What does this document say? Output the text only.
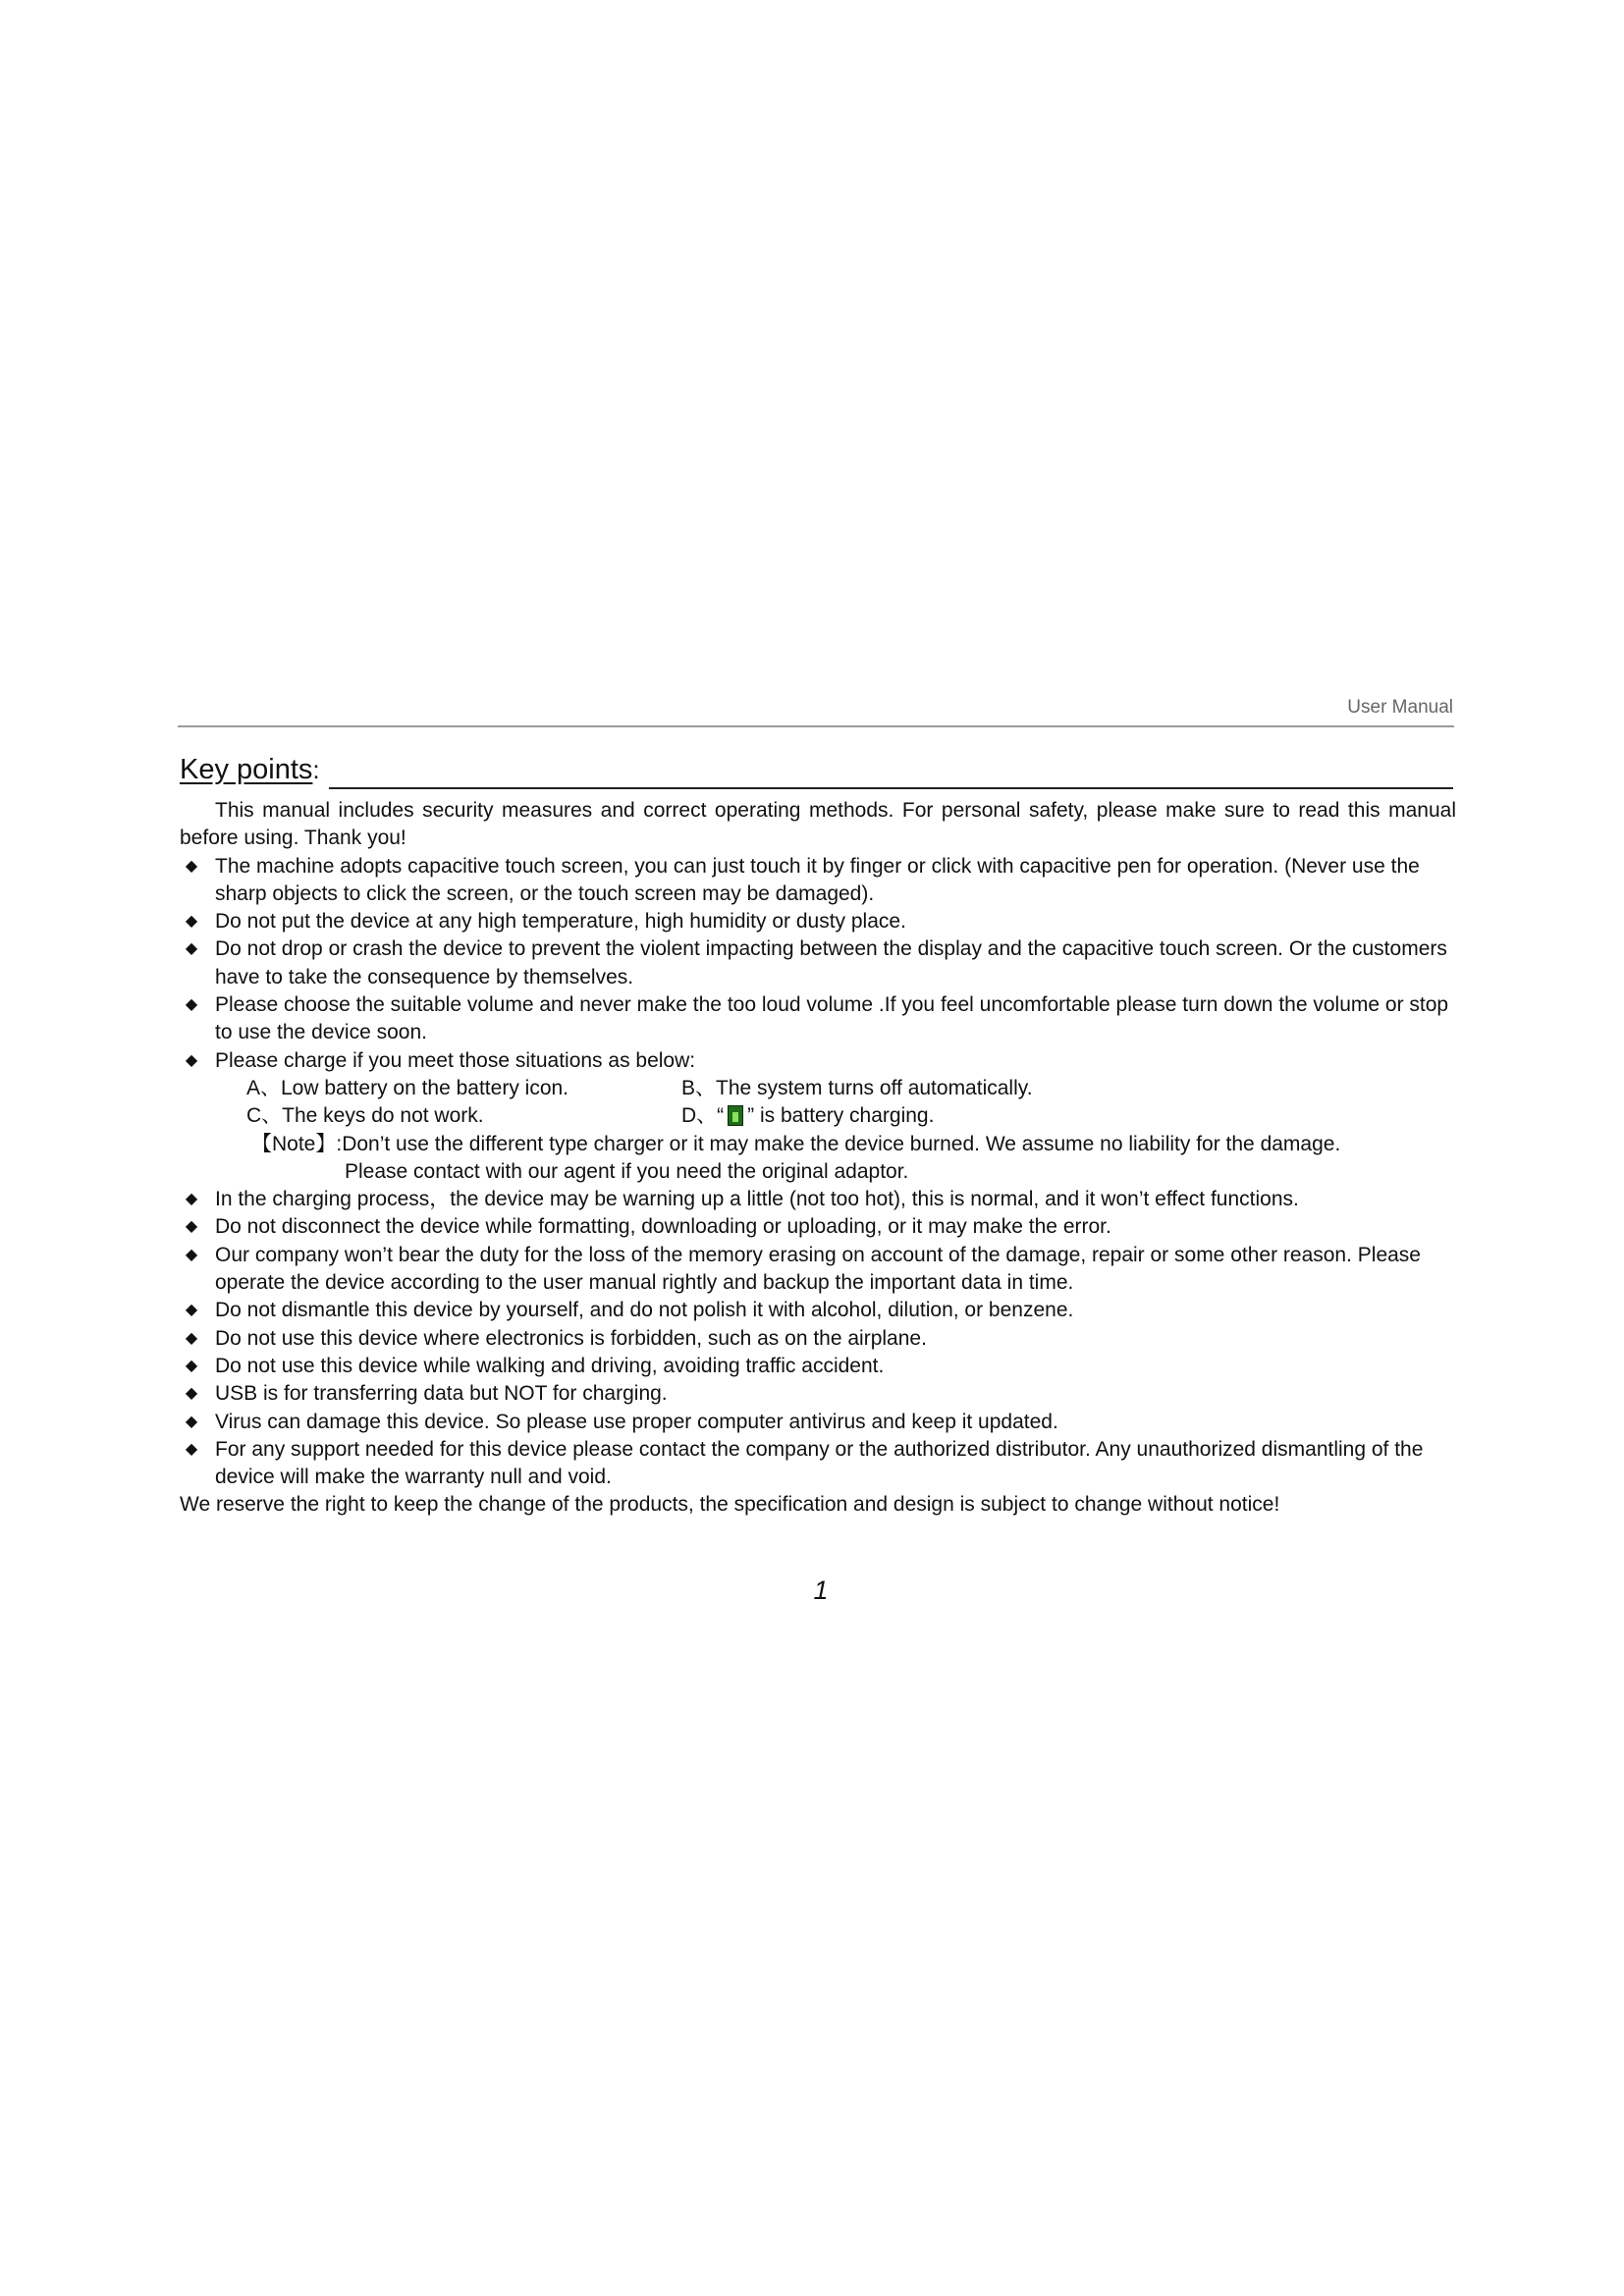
User Manual
Key points:

This manual includes security measures and correct operating methods. For personal safety, please make sure to read this manual before using. Thank you!

◆ The machine adopts capacitive touch screen, you can just touch it by finger or click with capacitive pen for operation. (Never use the sharp objects to click the screen, or the touch screen may be damaged).
◆ Do not put the device at any high temperature, high humidity or dusty place.
◆ Do not drop or crash the device to prevent the violent impacting between the display and the capacitive touch screen. Or the customers have to take the consequence by themselves.
◆ Please choose the suitable volume and never make the too loud volume .If you feel uncomfortable please turn down the volume or stop to use the device soon.
◆ Please charge if you meet those situations as below:
A、Low battery on the battery icon.	B、The system turns off automatically.
C、The keys do not work.	D、“ ” is battery charging.
【Note】:Don’t use the different type charger or it may make the device burned. We assume no liability for the damage.
Please contact with our agent if you need the original adaptor.
◆ In the charging process，the device may be warning up a little (not too hot), this is normal, and it won’t effect functions.
◆ Do not disconnect the device while formatting, downloading or uploading, or it may make the error.
◆ Our company won’t bear the duty for the loss of the memory erasing on account of the damage, repair or some other reason. Please operate the device according to the user manual rightly and backup the important data in time.
◆ Do not dismantle this device by yourself, and do not polish it with alcohol, dilution, or benzene.
◆ Do not use this device where electronics is forbidden, such as on the airplane.
◆ Do not use this device while walking and driving, avoiding traffic accident.
◆ USB is for transferring data but NOT for charging.
◆ Virus can damage this device. So please use proper computer antivirus and keep it updated.
◆ For any support needed for this device please contact the company or the authorized distributor. Any unauthorized dismantling of the device will make the warranty null and void.

We reserve the right to keep the change of the products, the specification and design is subject to change without notice!

1
